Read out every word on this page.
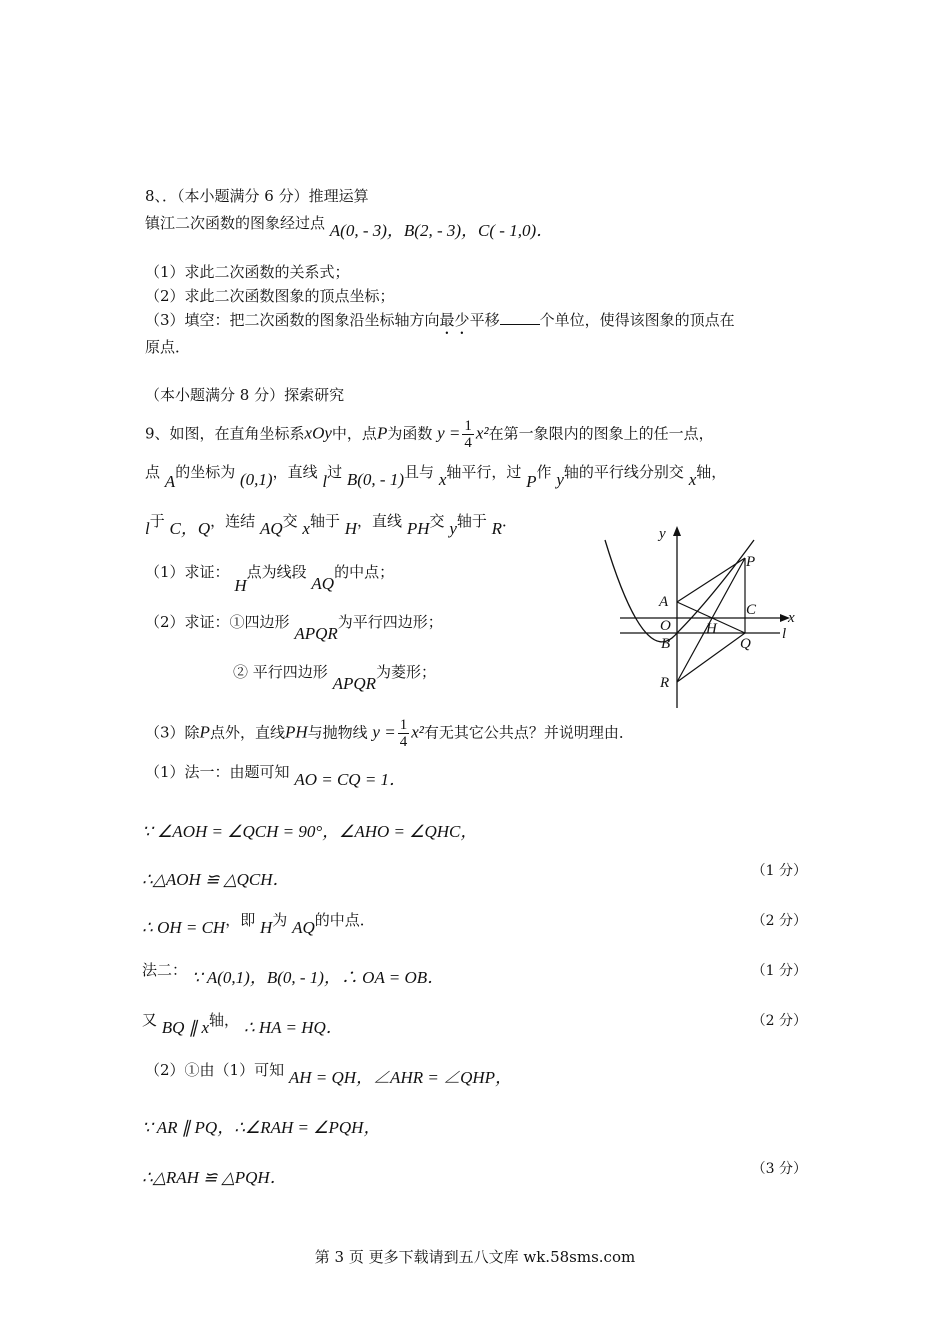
8、．（本小题满分 6 分）推理运算
镇江二次函数的图象经过点 A(0, - 3)，B(2, - 3)，C( - 1,0)．
（1）求此二次函数的关系式；
（2）求此二次函数图象的顶点坐标；
（3）填空：把二次函数的图象沿坐标轴方向最少平移	个单位，使得该图象的顶点在
原点．
（本小题满分 8 分）探索研究
9、如图，在直角坐标系xOy中，点P为函数 $y = \frac{1}{4} x^2$在第一象限内的图象上的任一点，
点 A的坐标为 (0,1)，直线 l过 B(0, - 1)且与 x轴平行，过 P作 y轴的平行线分别交 x轴，
l于 C，Q，连结 AQ交 x轴于 H，直线 PH交 y轴于 R．
（1）求证： H点为线段 AQ的中点；
（2）求证：①四边形 APQR为平行四边形；
② 平行四边形 APQR为菱形；
（3）除P点外，直线PH与抛物线 $y = \frac{1}{4} x^2$有无其它公共点？并说明理由．
y
x
l
A
O
B
H
C
Q
P
R
（1）法一：由题可知 AO = CQ = 1．
∵ ∠AOH = ∠QCH = 90°，∠AHO = ∠QHC，
∴△AOH ≌ △QCH．	（1 分）
∴ OH = CH，即 H为 AQ的中点．	（2 分）
法二： ∵ A(0,1)，B(0, - 1)，∴ OA = OB．	（1 分）
又 BQ ∥ x轴， ∴ HA = HQ．	（2 分）
（2）①由（1）可知 AH = QH，∠AHR = ∠QHP，
∵ AR ∥ PQ，∴∠RAH = ∠PQH，
∴△RAH ≌ △PQH．	（3 分）
第 3 页 更多下载请到五八文库 wk.58sms.com
